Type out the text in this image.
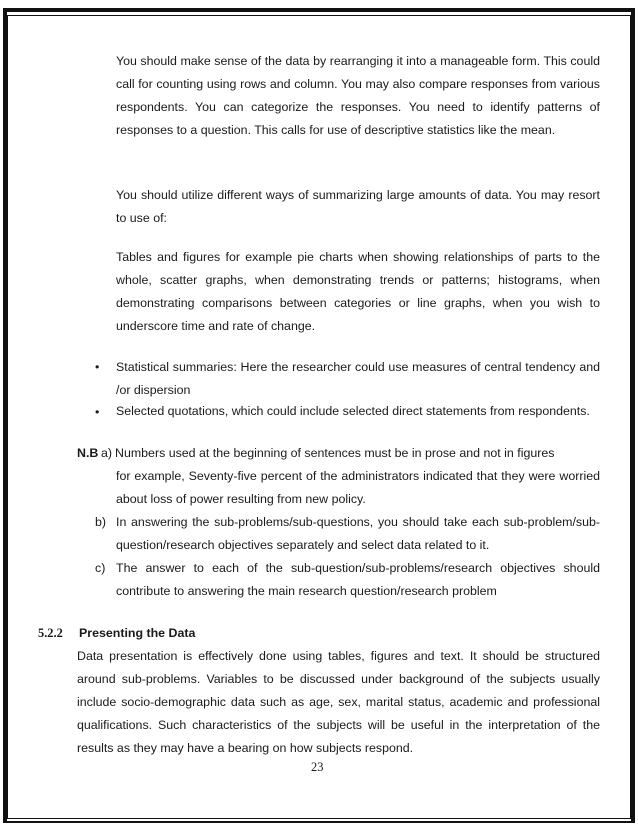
You should make sense of the data by rearranging it into a manageable form. This could call for counting using rows and column. You may also compare responses from various respondents. You can categorize the responses. You need to identify patterns of responses to a question. This calls for use of descriptive statistics like the mean.
You should utilize different ways of summarizing large amounts of data. You may resort to use of:
Tables and figures for example pie charts when showing relationships of parts to the whole, scatter graphs, when demonstrating trends or patterns; histograms, when demonstrating comparisons between categories or line graphs, when you wish to underscore time and rate of change.
• Statistical summaries: Here the researcher could use measures of central tendency and /or dispersion
• Selected quotations, which could include selected direct statements from respondents.
N.B a) Numbers used at the beginning of sentences must be in prose and not in figures
for example, Seventy-five percent of the administrators indicated that they were worried about loss of power resulting from new policy.
b) In answering the sub-problems/sub-questions, you should take each sub-problem/sub-question/research objectives separately and select data related to it.
c) The answer to each of the sub-question/sub-problems/research objectives should contribute to answering the main research question/research problem
5.2.2 Presenting the Data
Data presentation is effectively done using tables, figures and text. It should be structured around sub-problems. Variables to be discussed under background of the subjects usually include socio-demographic data such as age, sex, marital status, academic and professional qualifications. Such characteristics of the subjects will be useful in the interpretation of the results as they may have a bearing on how subjects respond.
23
